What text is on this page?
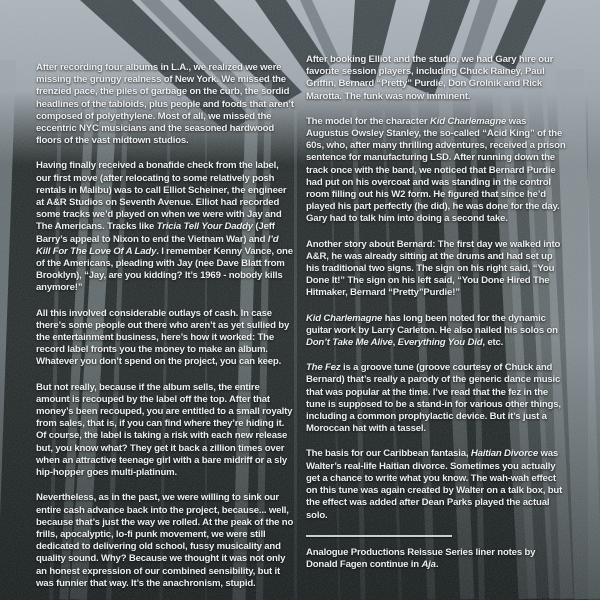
After recording four albums in L.A., we realized we were missing the grungy realness of New York. We missed the frenzied pace, the piles of garbage on the curb, the sordid headlines of the tabloids, plus people and foods that aren’t composed of polyethylene. Most of all, we missed the eccentric NYC musicians and the seasoned hardwood floors of the vast midtown studios.

Having finally received a bonafide check from the label, our first move (after relocating to some relatively posh rentals in Malibu) was to call Elliot Scheiner, the engineer at A&R Studios on Seventh Avenue. Elliot had recorded some tracks we’d played on when we were with Jay and The Americans. Tracks like Tricia Tell Your Daddy (Jeff Barry’s appeal to Nixon to end the Vietnam War) and I’d Kill For The Love Of A Lady. I remember Kenny Vance, one of the Americans, pleading with Jay (nee Dave Blatt from Brooklyn), “Jay, are you kidding? It’s 1969 - nobody kills anymore!”

All this involved considerable outlays of cash. In case there’s some people out there who aren’t as yet sullied by the entertainment business, here’s how it worked: The record label fronts you the money to make an album. Whatever you don’t spend on the project, you can keep.

But not really, because if the album sells, the entire amount is recouped by the label off the top. After that money’s been recouped, you are entitled to a small royalty from sales, that is, if you can find where they’re hiding it. Of course, the label is taking a risk with each new release but, you know what? They get it back a zillion times over when an attractive teenage girl with a bare midriff or a sly hip-hopper goes multi-platinum.

Nevertheless, as in the past, we were willing to sink our entire cash advance back into the project, because... well, because that’s just the way we rolled. At the peak of the no frills, apocalyptic, lo-fi punk movement, we were still dedicated to delivering old school, fussy musicality and quality sound. Why? Because we thought it was not only an honest expression of our combined sensibility, but it was funnier that way. It’s the anachronism, stupid.

After booking Elliot and the studio, we had Gary hire our favorite session players, including Chuck Rainey, Paul Griffin, Bernard “Pretty” Purdie, Don Grolnik and Rick Marotta. The funk was now imminent.

The model for the character Kid Charlemagne was Augustus Owsley Stanley, the so-called “Acid King” of the 60s, who, after many thrilling adventures, received a prison sentence for manufacturing LSD. After running down the track once with the band, we noticed that Bernard Purdie had put on his overcoat and was standing in the control room filling out his W2 form. He figured that since he’d played his part perfectly (he did), he was done for the day. Gary had to talk him into doing a second take.

Another story about Bernard: The first day we walked into A&R, he was already sitting at the drums and had set up his traditional two signs. The sign on his right said, “You Done It!” The sign on his left said, “You Done Hired The Hitmaker, Bernard “Pretty”Purdie!”

Kid Charlemagne has long been noted for the dynamic guitar work by Larry Carleton. He also nailed his solos on Don’t Take Me Alive, Everything You Did, etc.

The Fez is a groove tune (groove courtesy of Chuck and Bernard) that’s really a parody of the generic dance music that was popular at the time. I’ve read that the fez in the tune is supposed to be a stand-in for various other things, including a common prophylactic device. But it’s just a Moroccan hat with a tassel.

The basis for our Caribbean fantasia, Haitian Divorce was Walter’s real-life Haitian divorce. Sometimes you actually get a chance to write what you know. The wah-wah effect on this tune was again created by Walter on a talk box, but the effect was added after Dean Parks played the actual solo.

Analogue Productions Reissue Series liner notes by Donald Fagen continue in Aja.
